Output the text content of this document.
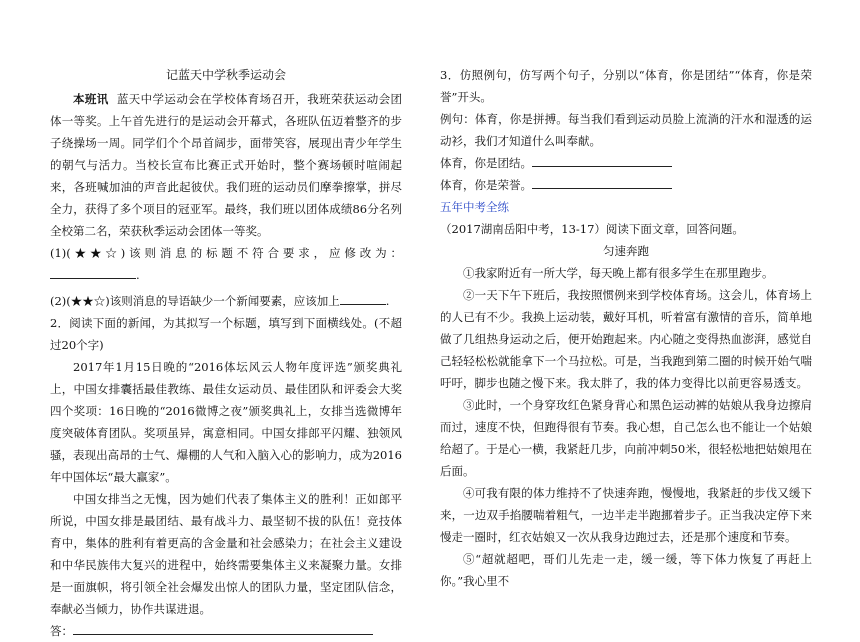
记蓝天中学秋季运动会

本班讯 蓝天中学运动会在学校体育场召开，我班荣获运动会团体一等奖。上午首先进行的是运动会开幕式，各班队伍迈着整齐的步子绕操场一周。同学们个个昂首阔步，面带笑容，展现出青少年学生的朝气与活力。当校长宣布比赛正式开始时，整个赛场顿时喧闹起来，各班喊加油的声音此起彼伏。我们班的运动员们摩拳擦掌，拼尽全力，获得了多个项目的冠亚军。最终，我们班以团体成绩86分名列全校第二名，荣获秋季运动会团体一等奖。

(1)(★★☆)该则消息的标题不符合要求，应修改为：.

(2)(★★☆)该则消息的导语缺少一个新闻要素，应该加上	.

2．阅读下面的新闻，为其拟写一个标题，填写到下面横线处。(不超过20个字)

2017年1月15日晚的“2016体坛风云人物年度评选”颁奖典礼上，中国女排囊括最佳教练、最佳女运动员、最佳团队和评委会大奖四个奖项：16日晚的“2016微博之夜”颁奖典礼上，女排当选微博年度突破体育团队。奖项虽异，寓意相同。中国女排郎平闪耀、独领风骚，表现出高昂的士气、爆棚的人气和入脑入心的影响力，成为2016年中国体坛“最大赢家”。

中国女排当之无愧，因为她们代表了集体主义的胜利！正如郎平所说，中国女排是最团结、最有战斗力、最坚韧不拔的队伍！竞技体育中，集体的胜利有着更高的含金量和社会感染力；在社会主义建设和中华民族伟大复兴的进程中，始终需要集体主义来凝聚力量。女排是一面旗帜，将引领全社会爆发出惊人的团队力量，坚定团队信念，奉献必当倾力，协作共谋进退。

答：

3．仿照例句，仿写两个句子，分别以“体育，你是团结”“体育，你是荣誉”开头。

例句：体育，你是拼搏。每当我们看到运动员脸上流淌的汗水和湿透的运动衫，我们才知道什么叫奉献。

体育，你是团结。

体育，你是荣誉。

五年中考全练

（2017湖南岳阳中考，13-17）阅读下面文章，回答问题。

匀速奔跑

①我家附近有一所大学，每天晚上都有很多学生在那里跑步。

②一天下午下班后，我按照惯例来到学校体育场。这会儿，体育场上的人已有不少。我换上运动装，戴好耳机，听着富有激情的音乐，简单地做了几组热身运动之后，便开始跑起来。内心随之变得热血澎湃，感觉自己轻轻松松就能拿下一个马拉松。可是，当我跑到第二圈的时候开始气喘吁吁，脚步也随之慢下来。我太胖了，我的体力变得比以前更容易透支。

③此时，一个身穿玫红色紧身背心和黑色运动裤的姑娘从我身边擦肩而过，速度不快，但跑得很有节奏。我心想，自己怎么也不能让一个姑娘给超了。于是心一横，我紧赶几步，向前冲刺50米，很轻松地把姑娘甩在后面。

④可我有限的体力维持不了快速奔跑，慢慢地，我紧赶的步伐又缓下来，一边双手掐腰喘着粗气，一边半走半跑挪着步子。正当我决定停下来慢走一圈时，红衣姑娘又一次从我身边跑过去，还是那个速度和节奏。

⑤“超就超吧，哥们儿先走一走，缓一缓，等下体力恢复了再赶上你。”我心里不
